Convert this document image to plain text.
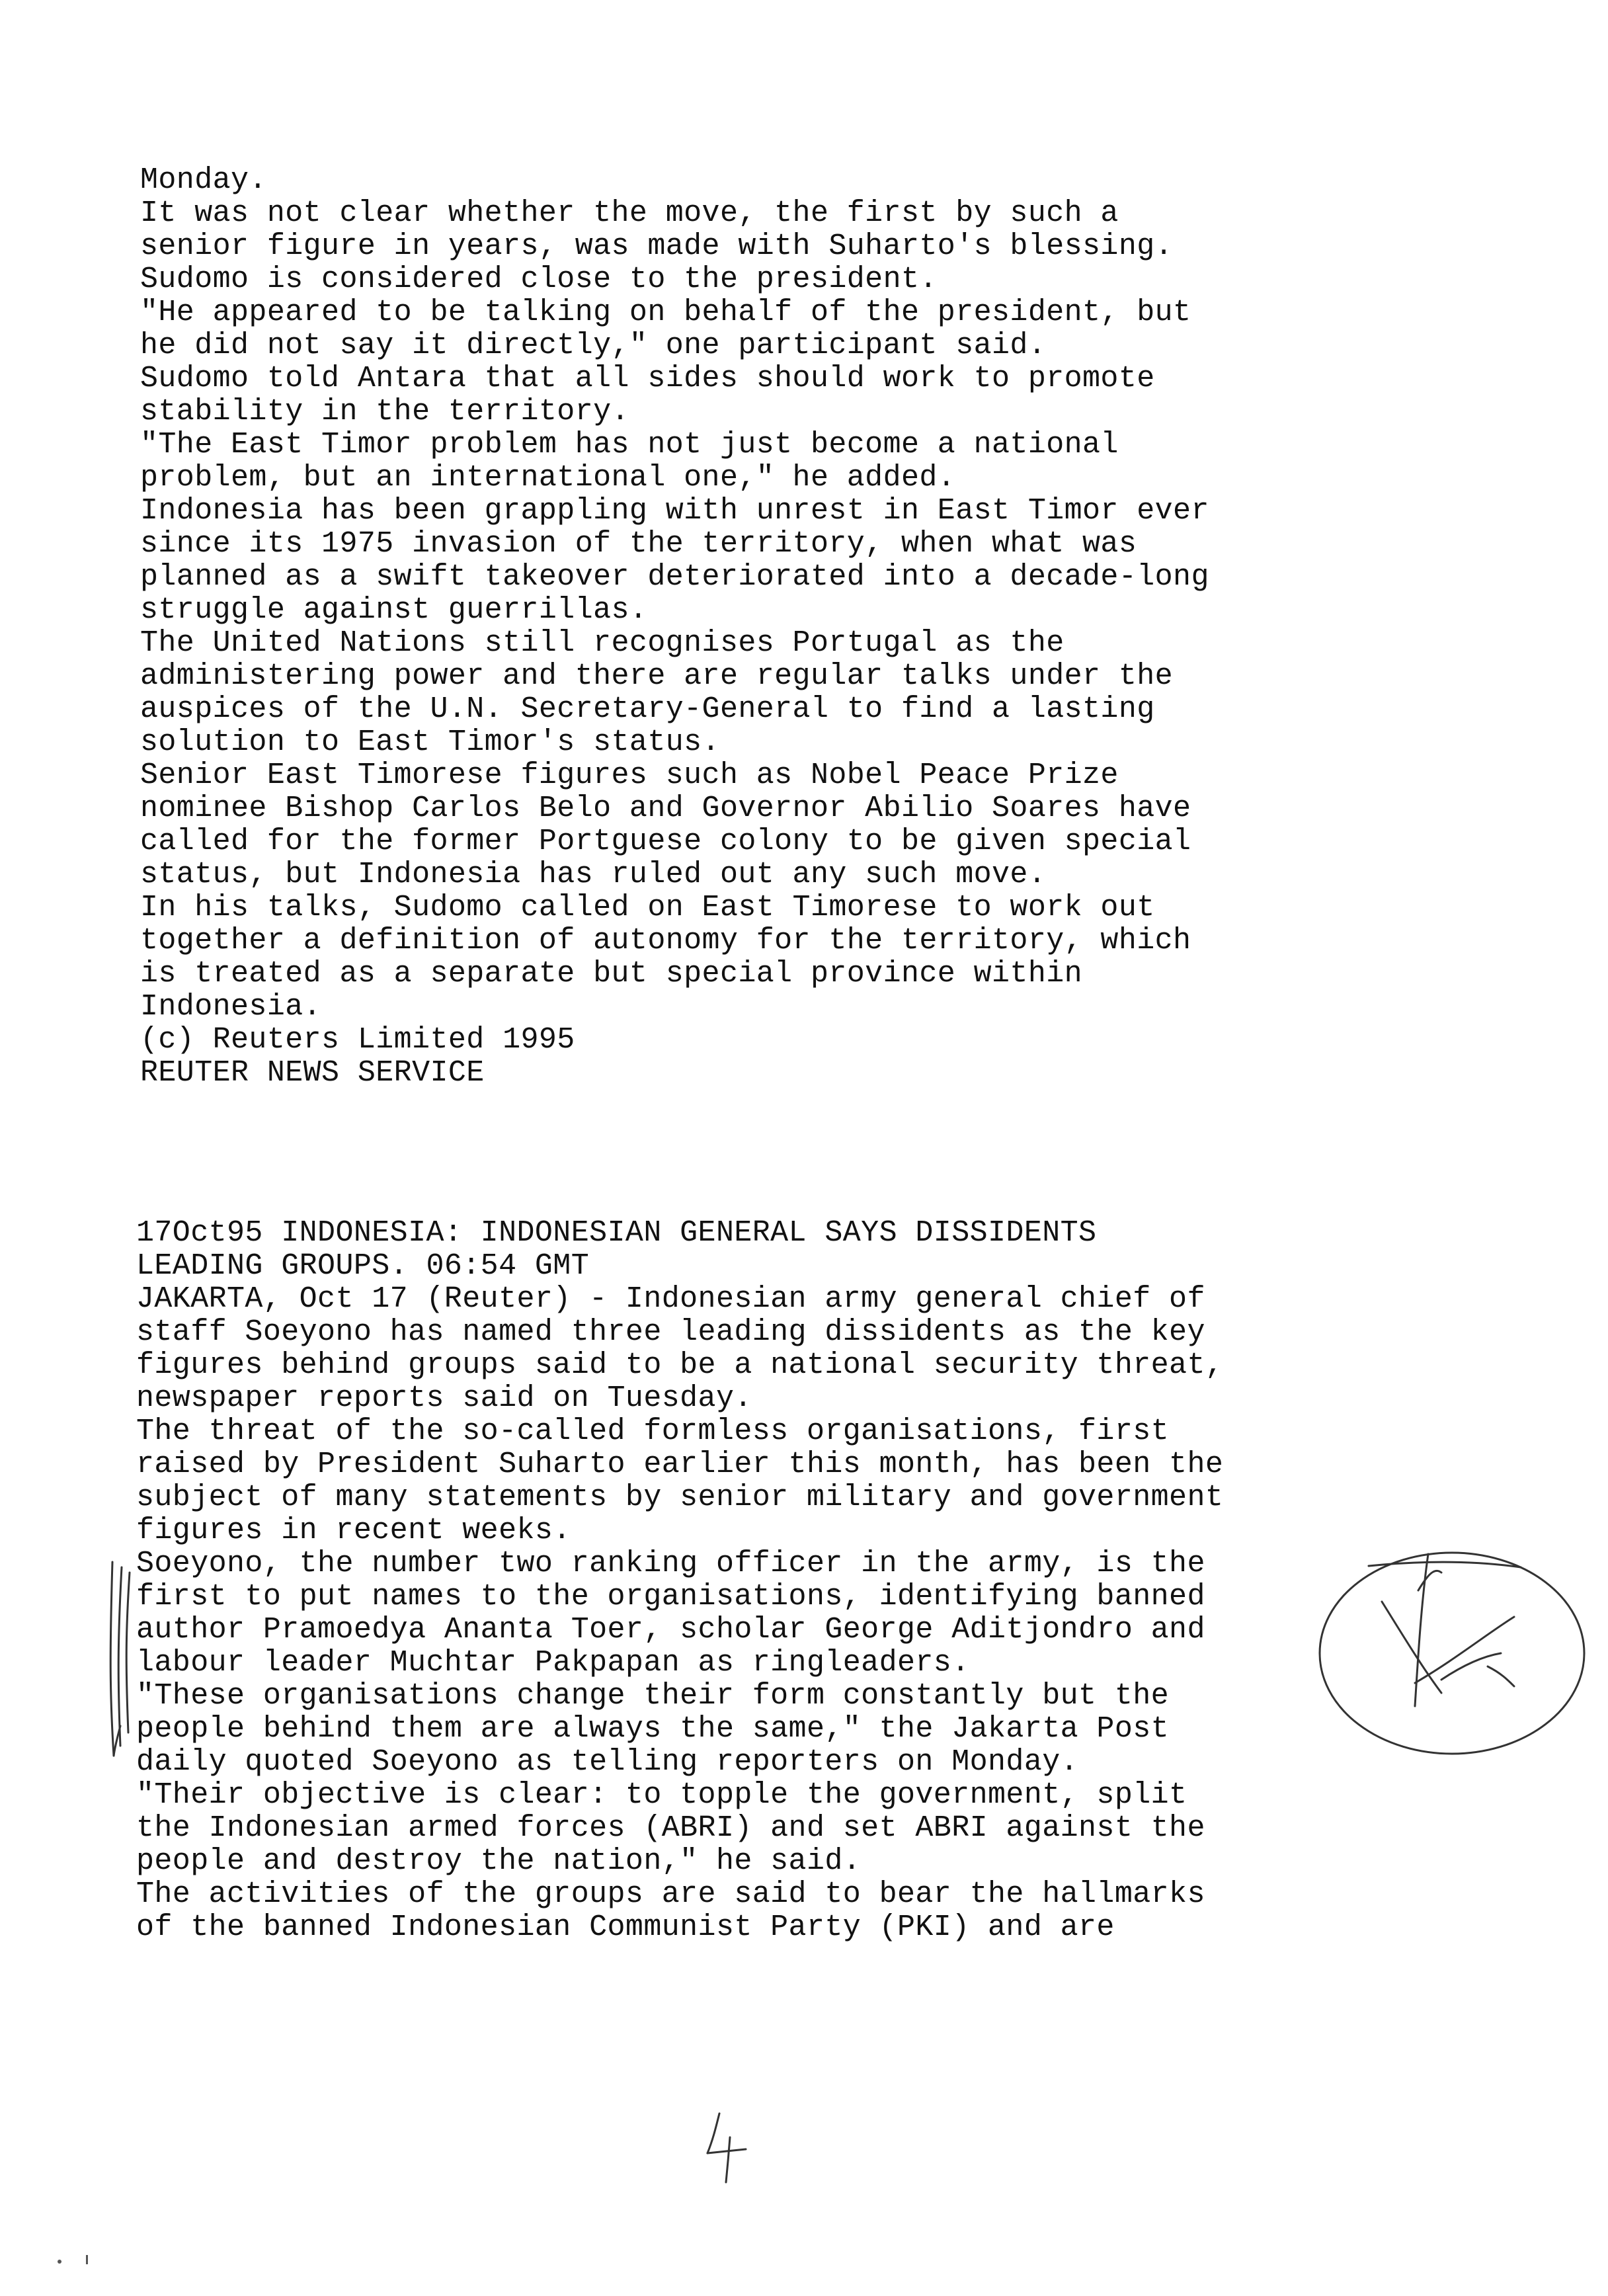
Monday.
It was not clear whether the move, the first by such a
senior figure in years, was made with Suharto's blessing.
Sudomo is considered close to the president.
"He appeared to be talking on behalf of the president, but
he did not say it directly," one participant said.
Sudomo told Antara that all sides should work to promote
stability in the territory.
"The East Timor problem has not just become a national
problem, but an international one," he added.
Indonesia has been grappling with unrest in East Timor ever
since its 1975 invasion of the territory, when what was
planned as a swift takeover deteriorated into a decade-long
struggle against guerrillas.
The United Nations still recognises Portugal as the
administering power and there are regular talks under the
auspices of the U.N. Secretary-General to find a lasting
solution to East Timor's status.
Senior East Timorese figures such as Nobel Peace Prize
nominee Bishop Carlos Belo and Governor Abilio Soares have
called for the former Portguese colony to be given special
status, but Indonesia has ruled out any such move.
In his talks, Sudomo called on East Timorese to work out
together a definition of autonomy for the territory, which
is treated as a separate but special province within
Indonesia.
(c) Reuters Limited 1995
REUTER NEWS SERVICE
17Oct95 INDONESIA: INDONESIAN GENERAL SAYS DISSIDENTS
LEADING GROUPS. 06:54 GMT
JAKARTA, Oct 17 (Reuter) - Indonesian army general chief of
staff Soeyono has named three leading dissidents as the key
figures behind groups said to be a national security threat,
newspaper reports said on Tuesday.
The threat of the so-called formless organisations, first
raised by President Suharto earlier this month, has been the
subject of many statements by senior military and government
figures in recent weeks.
Soeyono, the number two ranking officer in the army, is the
first to put names to the organisations, identifying banned
author Pramoedya Ananta Toer, scholar George Aditjondro and
labour leader Muchtar Pakpapan as ringleaders.
"These organisations change their form constantly but the
people behind them are always the same," the Jakarta Post
daily quoted Soeyono as telling reporters on Monday.
"Their objective is clear: to topple the government, split
the Indonesian armed forces (ABRI) and set ABRI against the
people and destroy the nation," he said.
The activities of the groups are said to bear the hallmarks
of the banned Indonesian Communist Party (PKI) and are
